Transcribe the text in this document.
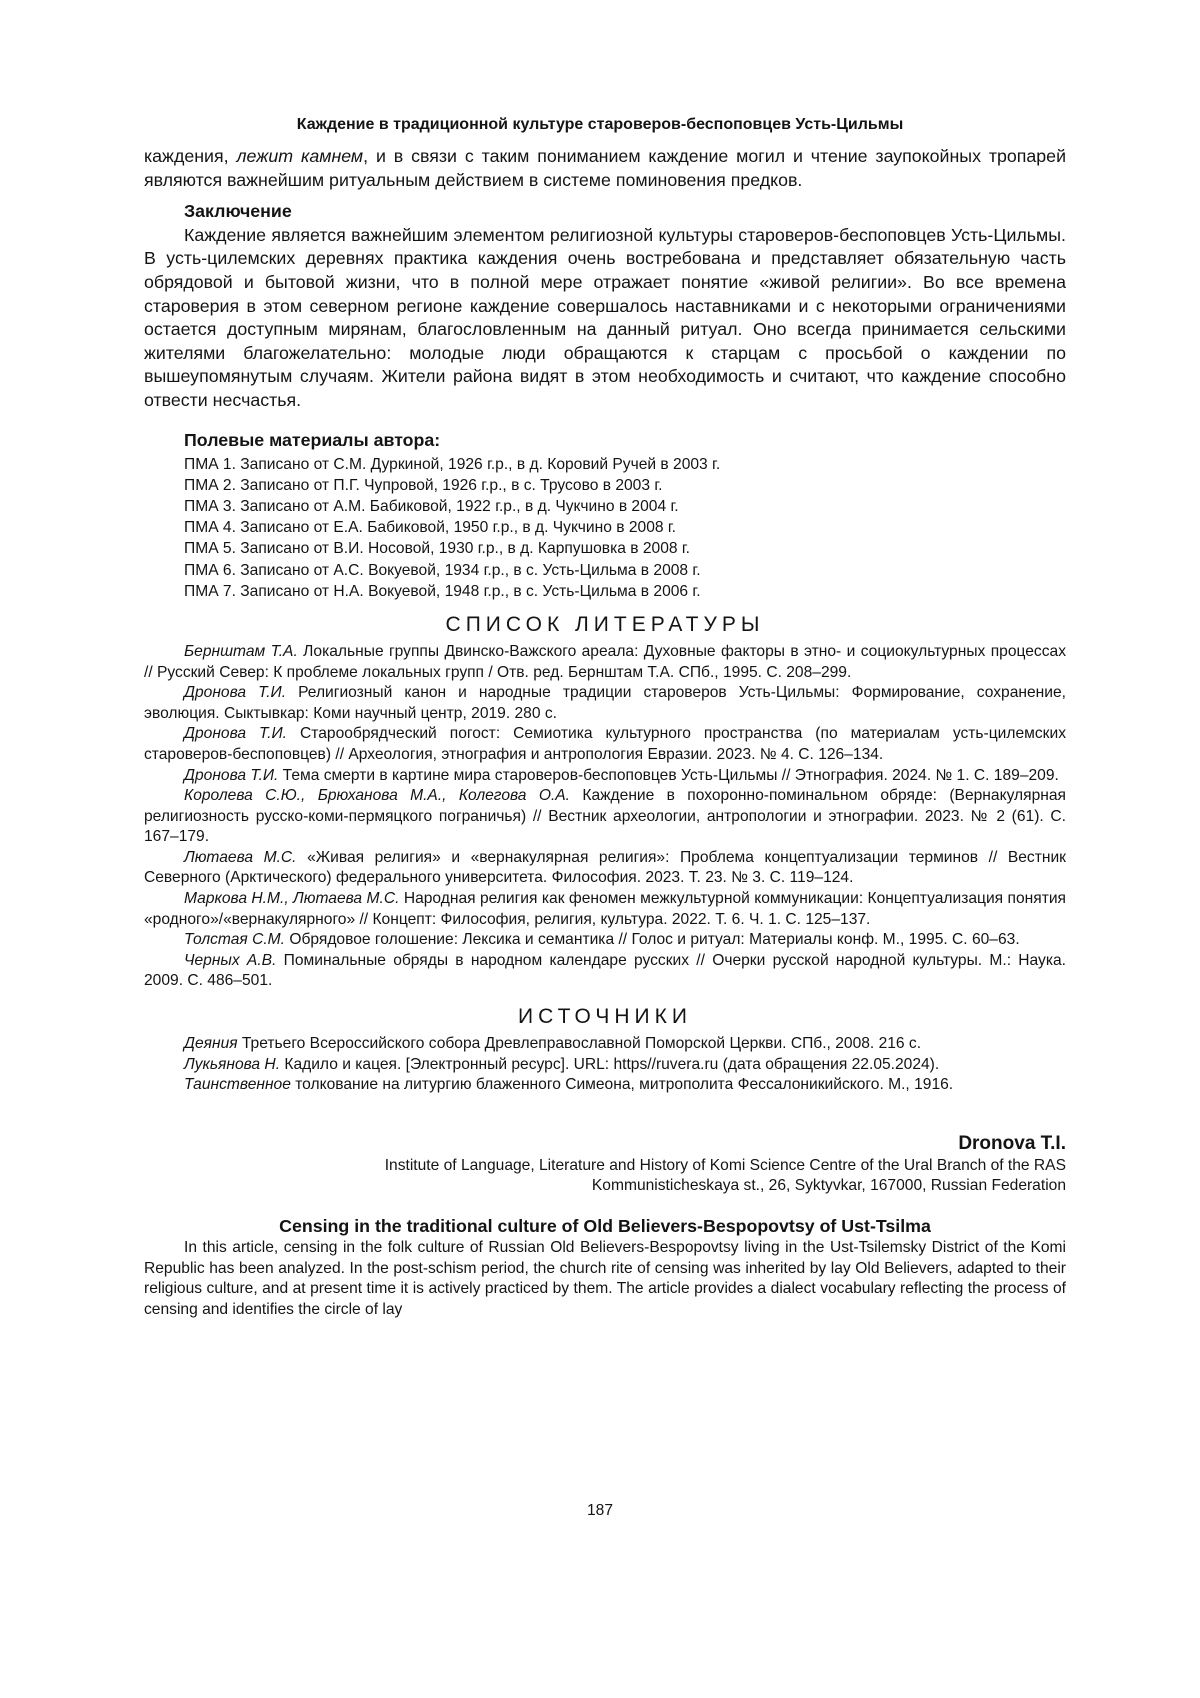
Каждение в традиционной культуре староверов-беспоповцев Усть-Цильмы

каждения, лежит камнем, и в связи с таким пониманием каждение могил и чтение заупокойных тропарей являются важнейшим ритуальным действием в системе поминовения предков.

Заключение

Каждение является важнейшим элементом религиозной культуры староверов-беспоповцев Усть-Цильмы. В усть-цилемских деревнях практика каждения очень востребована и представляет обязательную часть обрядовой и бытовой жизни, что в полной мере отражает понятие «живой религии». Во все времена староверия в этом северном регионе каждение совершалось наставниками и с некоторыми ограничениями остается доступным мирянам, благословленным на данный ритуал. Оно всегда принимается сельскими жителями благожелательно: молодые люди обращаются к старцам с просьбой о каждении по вышеупомянутым случаям. Жители района видят в этом необходимость и считают, что каждение способно отвести несчастья.

Полевые материалы автора:

ПМА 1. Записано от С.М. Дуркиной, 1926 г.р., в д. Коровий Ручей в 2003 г.

ПМА 2. Записано от П.Г. Чупровой, 1926 г.р., в с. Трусово в 2003 г.

ПМА 3. Записано от А.М. Бабиковой, 1922 г.р., в д. Чукчино в 2004 г.

ПМА 4. Записано от Е.А. Бабиковой, 1950 г.р., в д. Чукчино в 2008 г.

ПМА 5. Записано от В.И. Носовой, 1930 г.р., в д. Карпушовка в 2008 г.

ПМА 6. Записано от А.С. Вокуевой, 1934 г.р., в с. Усть-Цильма в 2008 г.

ПМА 7. Записано от Н.А. Вокуевой, 1948 г.р., в с. Усть-Цильма в 2006 г.

СПИСОК ЛИТЕРАТУРЫ

Бернштам Т.А. Локальные группы Двинско-Важского ареала: Духовные факторы в этно- и социокультурных процессах // Русский Север: К проблеме локальных групп / Отв. ред. Бернштам Т.А. СПб., 1995. С. 208–299.

Дронова Т.И. Религиозный канон и народные традиции староверов Усть-Цильмы: Формирование, сохранение, эволюция. Сыктывкар: Коми научный центр, 2019. 280 с.

Дронова Т.И. Старообрядческий погост: Семиотика культурного пространства (по материалам усть-цилемских староверов-беспоповцев) // Археология, этнография и антропология Евразии. 2023. № 4. С. 126–134.

Дронова Т.И. Тема смерти в картине мира староверов-беспоповцев Усть-Цильмы // Этнография. 2024. № 1. С. 189–209.

Королева С.Ю., Брюханова М.А., Колегова О.А. Каждение в похоронно-поминальном обряде: (Вернакулярная религиозность русско-коми-пермяцкого пограничья) // Вестник археологии, антропологии и этнографии. 2023. № 2 (61). С. 167–179.

Лютаева М.С. «Живая религия» и «вернакулярная религия»: Проблема концептуализации терминов // Вестник Северного (Арктического) федерального университета. Философия. 2023. Т. 23. № 3. С. 119–124.

Маркова Н.М., Лютаева М.С. Народная религия как феномен межкультурной коммуникации: Концептуализация понятия «родного»/«вернакулярного» // Концепт: Философия, религия, культура. 2022. Т. 6. Ч. 1. С. 125–137.

Толстая С.М. Обрядовое голошение: Лексика и семантика // Голос и ритуал: Материалы конф. М., 1995. С. 60–63.

Черных А.В. Поминальные обряды в народном календаре русских // Очерки русской народной культуры. М.: Наука. 2009. С. 486–501.

ИСТОЧНИКИ

Деяния Третьего Всероссийского собора Древлеправославной Поморской Церкви. СПб., 2008. 216 с.

Лукьянова Н. Кадило и кацея. [Электронный ресурс]. URL: https//ruvera.ru (дата обращения 22.05.2024).

Таинственное толкование на литургию блаженного Симеона, митрополита Фессалоникийского. М., 1916.

Dronova T.I.

Institute of Language, Literature and History of Komi Science Centre of the Ural Branch of the RAS

Kommunisticheskaya st., 26, Syktyvkar, 167000, Russian Federation

Censing in the traditional culture of Old Believers-Bespopovtsy of Ust-Tsilma

In this article, censing in the folk culture of Russian Old Believers-Bespopovtsy living in the Ust-Tsilemsky District of the Komi Republic has been analyzed. In the post-schism period, the church rite of censing was inherited by lay Old Believers, adapted to their religious culture, and at present time it is actively practiced by them. The article provides a dialect vocabulary reflecting the process of censing and identifies the circle of lay

187
